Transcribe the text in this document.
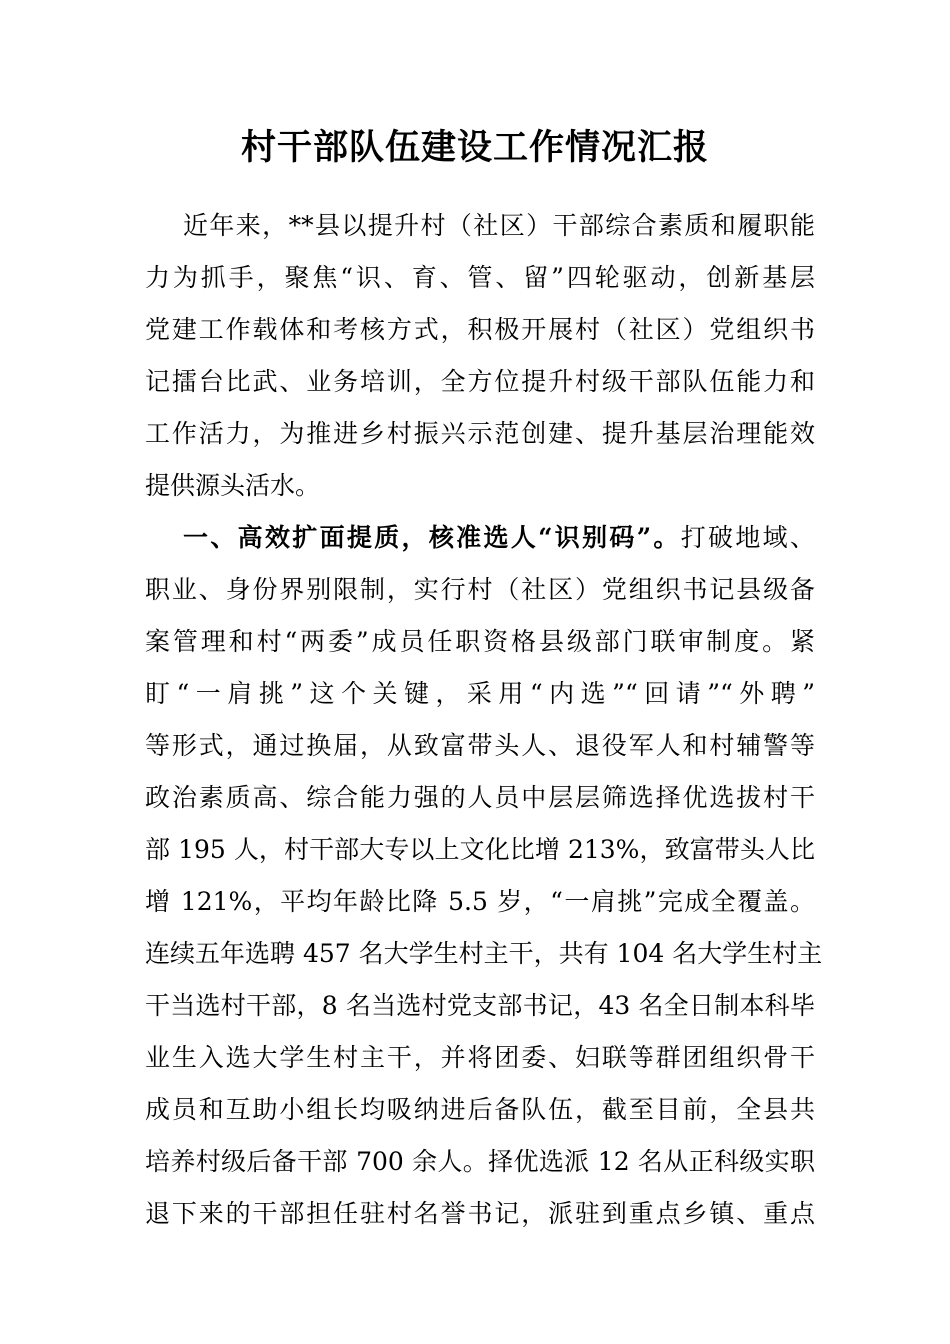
村干部队伍建设工作情况汇报
近年来，**县以提升村（社区）干部综合素质和履职能
力为抓手，聚焦“识、育、管、留”四轮驱动，创新基层
党建工作载体和考核方式，积极开展村（社区）党组织书
记擂台比武、业务培训，全方位提升村级干部队伍能力和
工作活力，为推进乡村振兴示范创建、提升基层治理能效
提供源头活水。
一、高效扩面提质，核准选人“识别码”。打破地域、
职业、身份界别限制，实行村（社区）党组织书记县级备
案管理和村“两委”成员任职资格县级部门联审制度。紧
盯“一肩挑”这个关键，采用“内选”“回请”“外聘”
等形式，通过换届，从致富带头人、退役军人和村辅警等
政治素质高、综合能力强的人员中层层筛选择优选拔村干
部 195 人，村干部大专以上文化比增 213%，致富带头人比
增 121%，平均年龄比降 5.5 岁，“一肩挑”完成全覆盖。
连续五年选聘 457 名大学生村主干，共有 104 名大学生村主
干当选村干部，8 名当选村党支部书记，43 名全日制本科毕
业生入选大学生村主干，并将团委、妇联等群团组织骨干
成员和互助小组长均吸纳进后备队伍，截至目前，全县共
培养村级后备干部 700 余人。择优选派 12 名从正科级实职
退下来的干部担任驻村名誉书记，派驻到重点乡镇、重点
